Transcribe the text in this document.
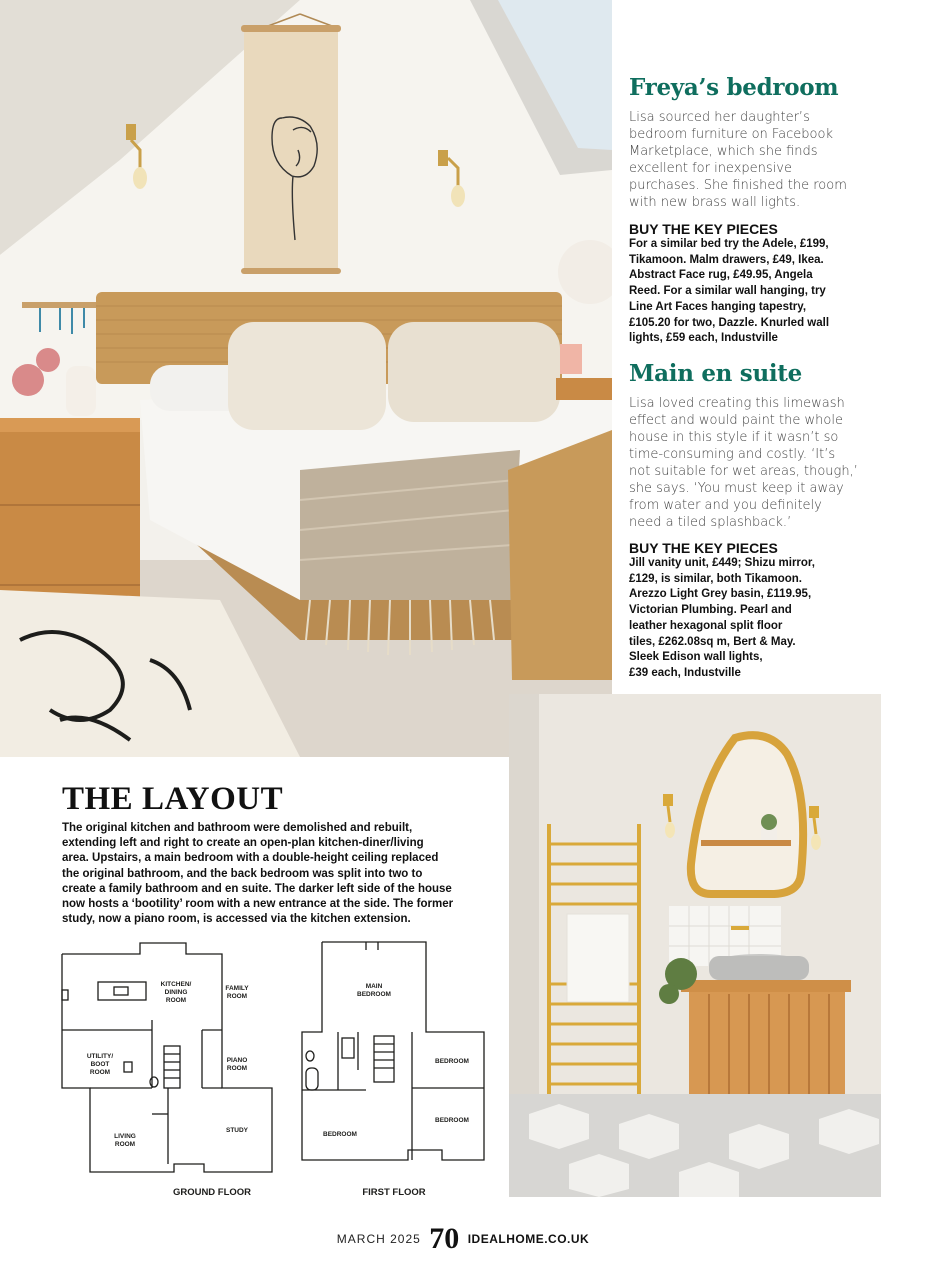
Freya’s bedroom
Lisa sourced her daughter’s
bedroom furniture on Facebook
Marketplace, which she finds
excellent for inexpensive
purchases. She finished the room
with new brass wall lights.
BUY THE KEY PIECES
For a similar bed try the Adele, £199,
Tikamoon. Malm drawers, £49, Ikea.
Abstract Face rug, £49.95, Angela
Reed. For a similar wall hanging, try
Line Art Faces hanging tapestry,
£105.20 for two, Dazzle. Knurled wall
lights, £59 each, Industville
Main en suite
Lisa loved creating this limewash
effect and would paint the whole
house in this style if it wasn’t so
time-consuming and costly. ‘It’s
not suitable for wet areas, though,’
she says. ‘You must keep it away
from water and you definitely
need a tiled splashback.’
BUY THE KEY PIECES
Jill vanity unit, £449; Shizu mirror,
£129, is similar, both Tikamoon.
Arezzo Light Grey basin, £119.95,
Victorian Plumbing. Pearl and
leather hexagonal split floor
tiles, £262.08sq m, Bert & May.
Sleek Edison wall lights,
£39 each, Industville
THE LAYOUT
The original kitchen and bathroom were demolished and rebuilt,
extending left and right to create an open-plan kitchen-diner/living
area. Upstairs, a main bedroom with a double-height ceiling replaced
the original bathroom, and the back bedroom was split into two to
create a family bathroom and en suite. The darker left side of the house
now hosts a ‘bootility’ room with a new entrance at the side. The former
study, now a piano room, is accessed via the kitchen extension.
KITCHEN/
DINING
ROOM
FAMILY
ROOM
UTILITY/
BOOT
ROOM
PIANO
ROOM
LIVING
ROOM
STUDY
GROUND FLOOR
MAIN
BEDROOM
BEDROOM
BEDROOM
BEDROOM
FIRST FLOOR
MARCH 2025 70 IDEALHOME.CO.UK
